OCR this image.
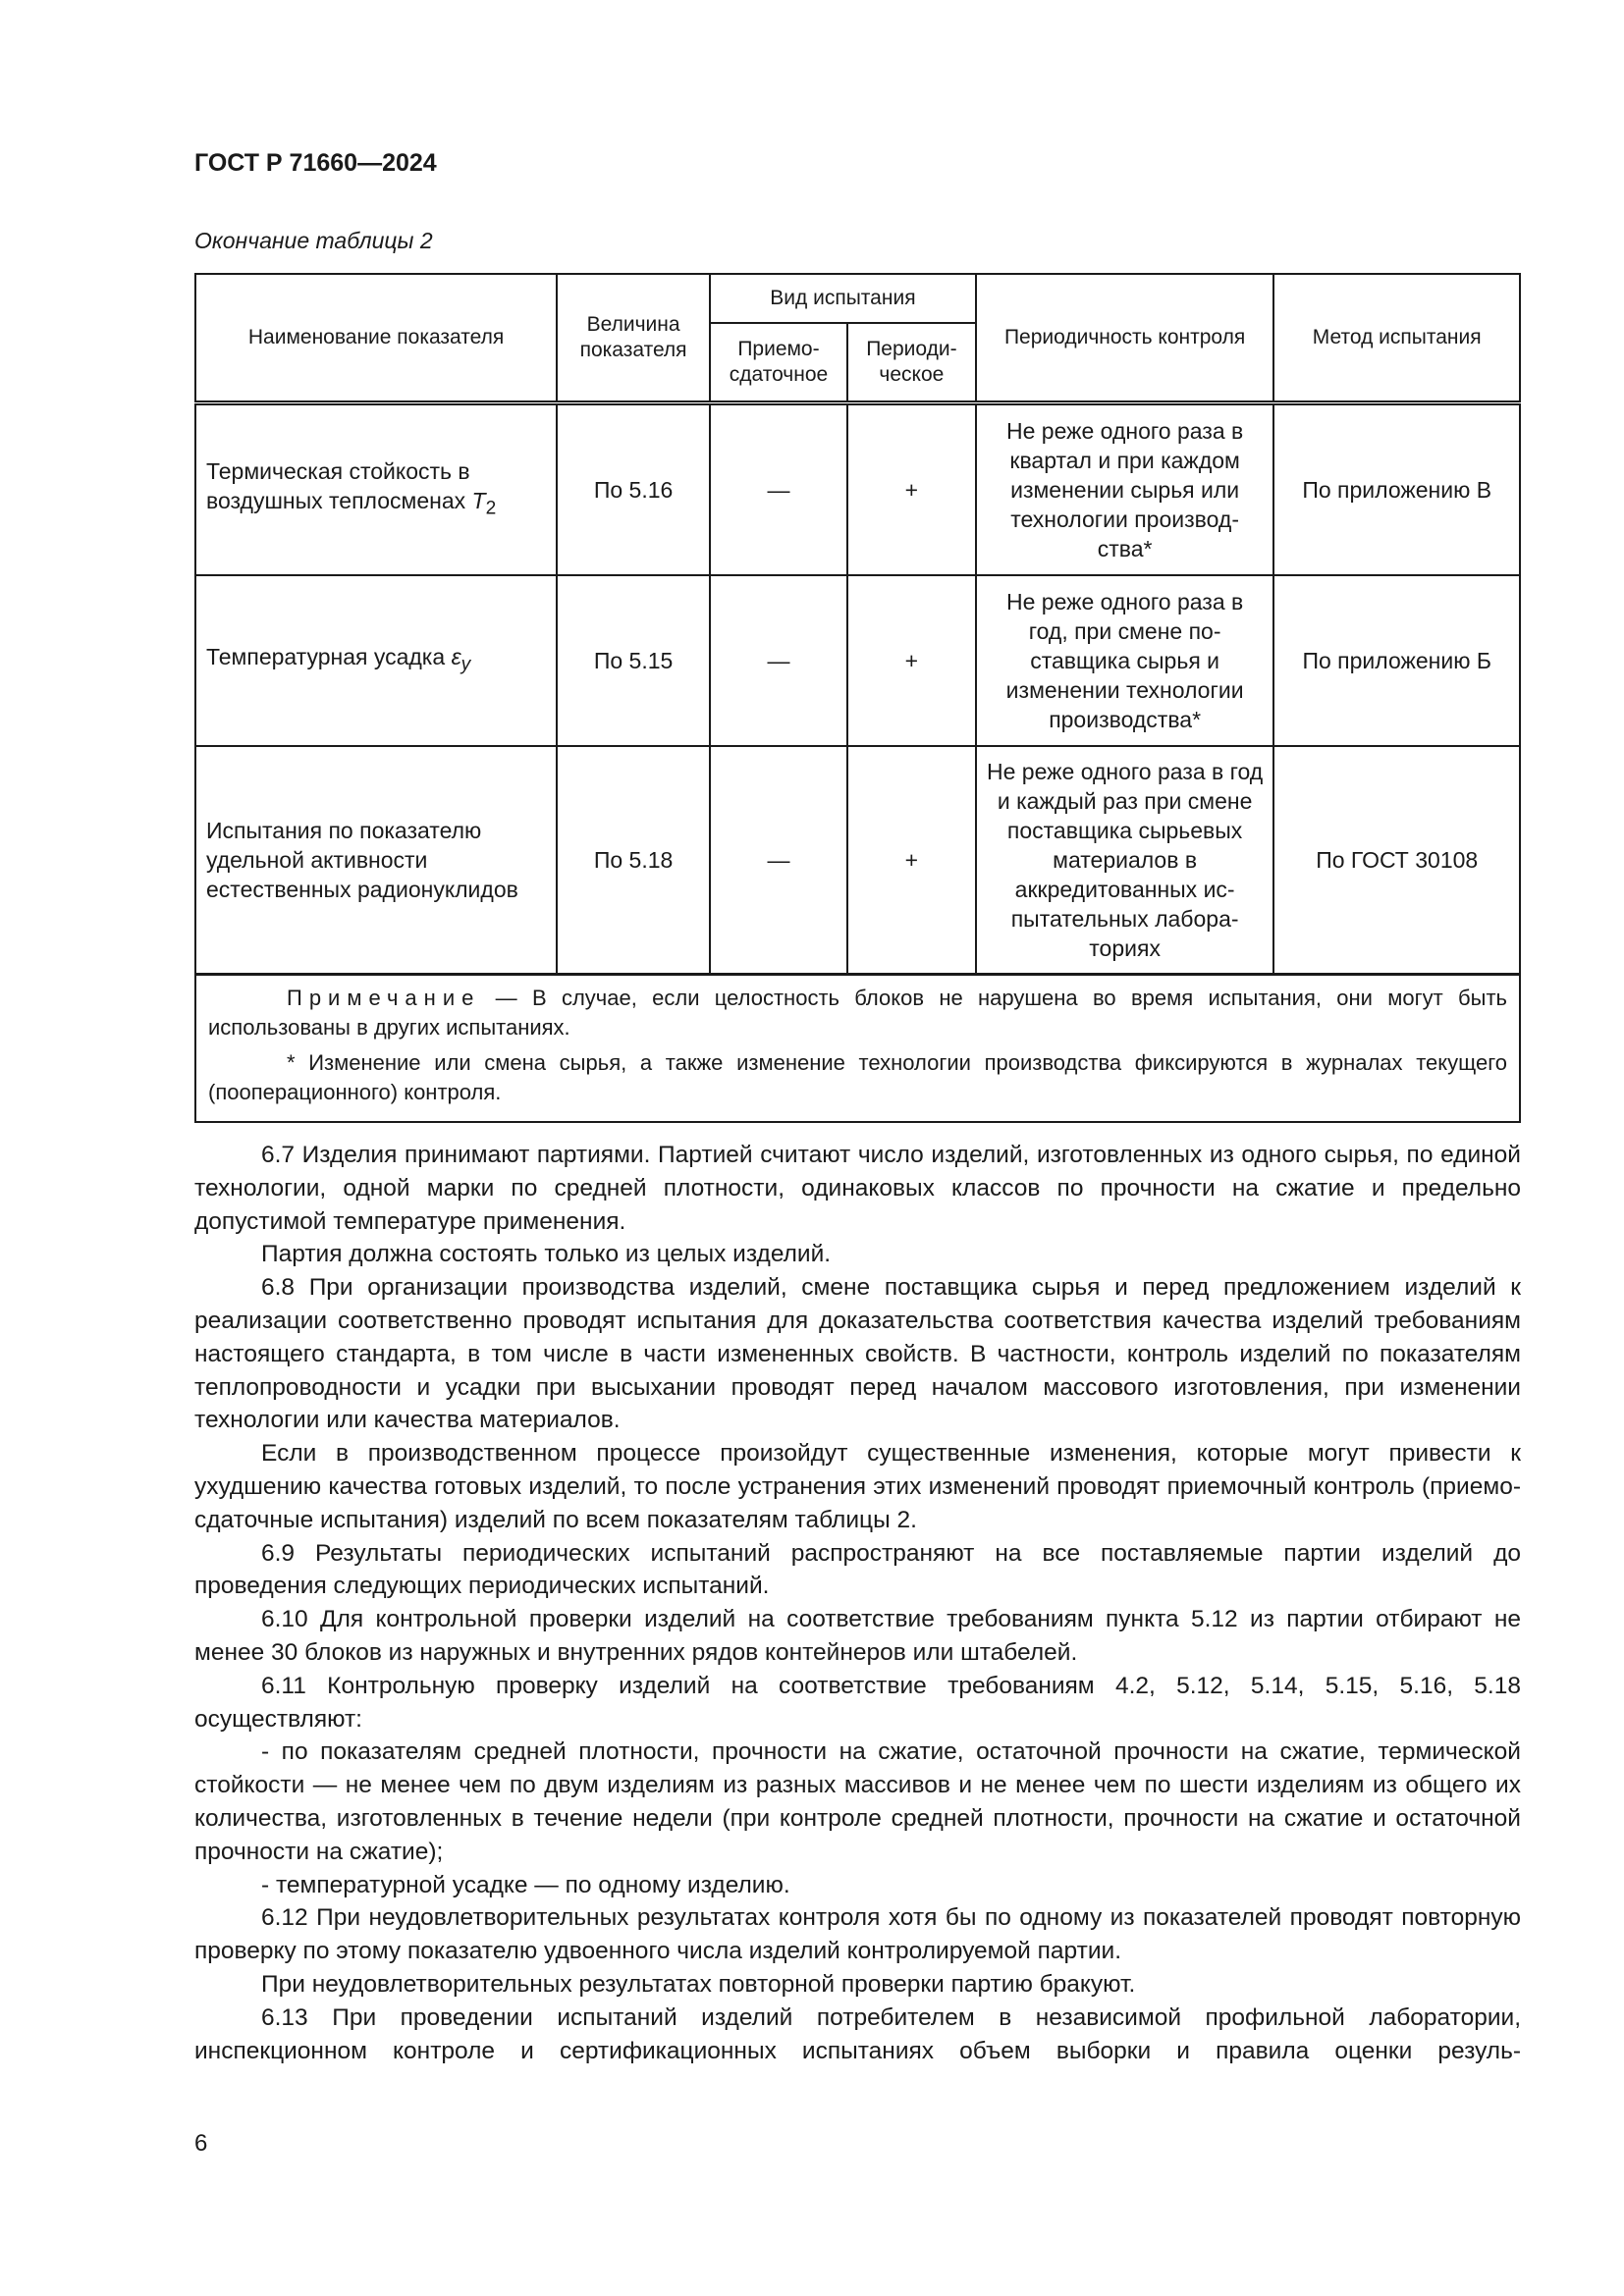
ГОСТ Р 71660—2024
Окончание таблицы 2
Наименование показателя	Величина показателя	Вид испытания		Периодичность контроля	Метод испытания
		Приемо-сдаточное	Периоди-ческое		
Термическая стойкость в воздушных теплосменах $T_2$	По 5.16	—	+	Не реже одного раза в квартал и при каждом изменении сырья или технологии производ-ства*	По приложению В
Температурная усадка $\varepsilon_y$	По 5.15	—	+	Не реже одного раза в год, при смене по-ставщика сырья и изменении технологии производства*	По приложению Б
Испытания по показателю удельной активности естественных радионуклидов	По 5.18	—	+	Не реже одного раза в год и каждый раз при смене поставщика сырьевых материалов в аккредитованных ис-пытательных лабора-ториях	По ГОСТ 30108

Примечание — В случае, если целостность блоков не нарушена во время испытания, они могут быть использованы в других испытаниях.

* Изменение или смена сырья, а также изменение технологии производства фиксируются в журналах текущего (пооперационного) контроля.					

6.7 Изделия принимают партиями. Партией считают число изделий, изготовленных из одного сырья, по единой технологии, одной марки по средней плотности, одинаковых классов по прочности на сжатие и предельно допустимой температуре применения.

Партия должна состоять только из целых изделий.

6.8 При организации производства изделий, смене поставщика сырья и перед предложением изделий к реализации соответственно проводят испытания для доказательства соответствия качества изделий требованиям настоящего стандарта, в том числе в части измененных свойств. В частности, контроль изделий по показателям теплопроводности и усадки при высыхании проводят перед началом массового изготовления, при изменении технологии или качества материалов.

Если в производственном процессе произойдут существенные изменения, которые могут привести к ухудшению качества готовых изделий, то после устранения этих изменений проводят приемочный контроль (приемо-сдаточные испытания) изделий по всем показателям таблицы 2.

6.9 Результаты периодических испытаний распространяют на все поставляемые партии изделий до проведения следующих периодических испытаний.

6.10 Для контрольной проверки изделий на соответствие требованиям пункта 5.12 из партии отбирают не менее 30 блоков из наружных и внутренних рядов контейнеров или штабелей.

6.11 Контрольную проверку изделий на соответствие требованиям 4.2, 5.12, 5.14, 5.15, 5.16, 5.18 осуществляют:

- по показателям средней плотности, прочности на сжатие, остаточной прочности на сжатие, термической стойкости — не менее чем по двум изделиям из разных массивов и не менее чем по шести изделиям из общего их количества, изготовленных в течение недели (при контроле средней плотности, прочности на сжатие и остаточной прочности на сжатие);

- температурной усадке — по одному изделию.

6.12 При неудовлетворительных результатах контроля хотя бы по одному из показателей проводят повторную проверку по этому показателю удвоенного числа изделий контролируемой партии.

При неудовлетворительных результатах повторной проверки партию бракуют.

6.13 При проведении испытаний изделий потребителем в независимой профильной лаборатории, инспекционном контроле и сертификационных испытаниях объем выборки и правила оценки резуль-

6
